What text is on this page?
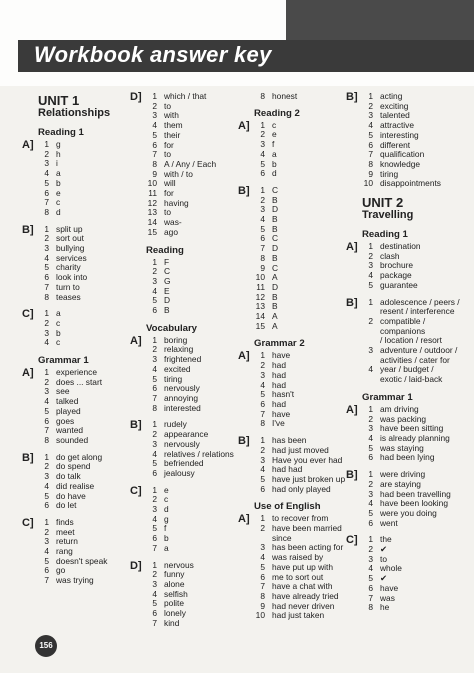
Workbook answer key
UNIT 1
Relationships
Reading 1
A]	1 g
2 h
3 i
4 a
5 b
6 e
7 c
8 d
B]	1 split up
2 sort out
3 bullying
4 services
5 charity
6 look into
7 turn to
8 teases
C]	1 a
2 c
3 b
4 c
Grammar 1
A]	1 experience
2 does ... start
3 see
4 talked
5 played
6 goes
7 wanted
8 sounded
B]	1 do get along
2 do spend
3 do talk
4 did realise
5 do have
6 do let
C]	1 finds
2 meet
3 return
4 rang
5 doesn't speak
6 go
7 was trying
D]	1 which / that
2 to
3 with
4 them
5 their
6 for
7 to
8 A / Any / Each
9 with / to
10 will
11 for
12 having
13 to
14 was-
15 ago
Reading
1 F
2 C
3 G
4 E
5 D
6 B
Vocabulary
A]	1 boring
2 relaxing
3 frightened
4 excited
5 tiring
6 nervously
7 annoying
8 interested
B]	1 rudely
2 appearance
3 nervously
4 relatives / relations
5 befriended
6 jealousy
C]	1 e
2 c
3 d
4 g
5 f
6 b
7 a
D]	1 nervous
2 funny
3 alone
4 selfish
5 polite
6 lonely
7 kind
8 honest
Reading 2
A]	1 c
2 e
3 f
4 a
5 b
6 d
B]	1 C
2 B
3 D
4 B
5 B
6 C
7 D
8 B
9 C
10 A
11 D
12 B
13 B
14 A
15 A
Grammar 2
A]	1 have
2 had
3 had
4 had
5 hasn't
6 had
7 have
8 I've
B]	1 has been
2 had just moved
3 Have you ever had
4 had had
5 have just broken up
6 had only played
Use of English
A]	1 to recover from
2 have been married
since
3 has been acting for
4 was raised by
5 have put up with
6 me to sort out
7 have a chat with
8 have already tried
9 had never driven
10 had just taken
B]	1 acting
2 exciting
3 talented
4 attractive
5 interesting
6 different
7 qualification
8 knowledge
9 tiring
10 disappointments
UNIT 2
Travelling
Reading 1
A]	1 destination
2 clash
3 brochure
4 package
5 guarantee
B]	1 adolescence / peers /
resent / interference
2 compatible /
companions
/ location / resort
3 adventure / outdoor /
activities / cater for
4 year / budget /
exotic / laid-back
Grammar 1
A]	1 am driving
2 was packing
3 have been sitting
4 is already planning
5 was staying
6 had been lying
B]	1 were driving
2 are staying
3 had been travelling
4 have been looking
5 were you doing
6 went
C]	1 the
2 ✔
3 to
4 whole
5 ✔
6 have
7 was
8 he
156
